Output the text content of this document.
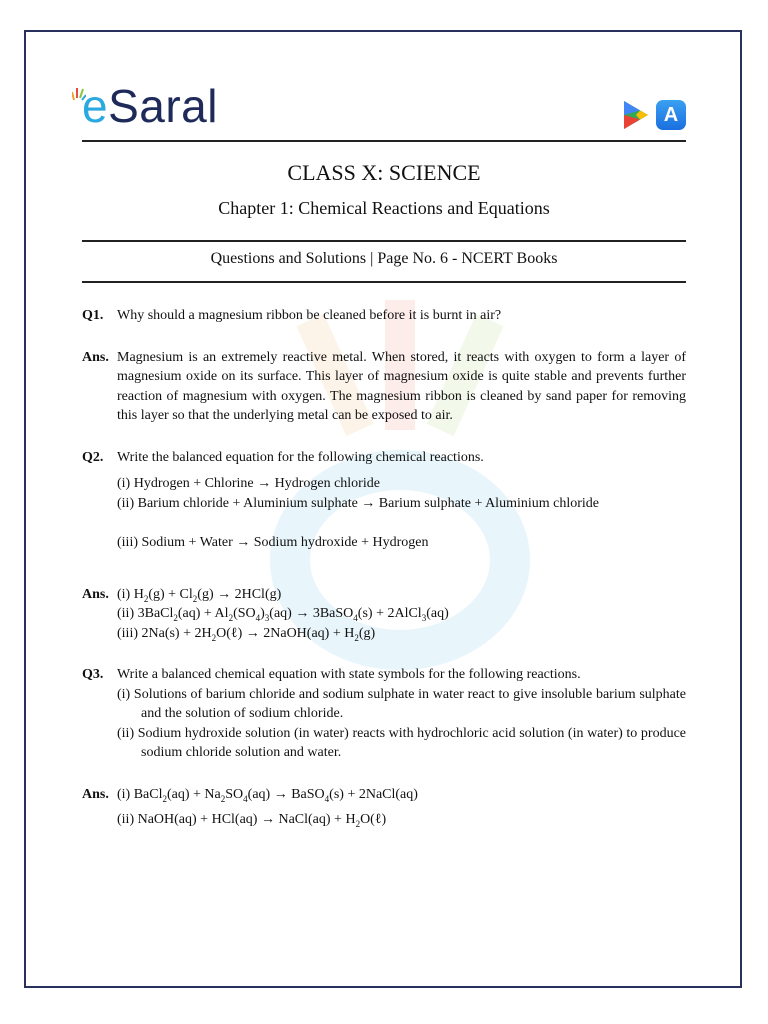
eSaral	A
CLASS X: SCIENCE
Chapter 1: Chemical Reactions and Equations
Questions and Solutions | Page No. 6 - NCERT Books
Q1. Why should a magnesium ribbon be cleaned before it is burnt in air?
Ans. Magnesium is an extremely reactive metal. When stored, it reacts with oxygen to form a layer of magnesium oxide on its surface. This layer of magnesium oxide is quite stable and prevents further reaction of magnesium with oxygen. The magnesium ribbon is cleaned by sand paper for removing this layer so that the underlying metal can be exposed to air.
Q2. Write the balanced equation for the following chemical reactions.
(i) Hydrogen + Chlorine → Hydrogen chloride
(ii) Barium chloride + Aluminium sulphate → Barium sulphate + Aluminium chloride
(iii) Sodium + Water → Sodium hydroxide + Hydrogen
Ans. (i) $H_2(g) + Cl_2(g) \to 2HCl(g)$
(ii) 3BaCl$_2$(aq) + $Al_2(SO_4)_3(aq)$ → 3BaSO$_4$(s) + 2AlCl$_3$(aq)
(iii) $2Na(s) + 2H_2O(\ell)$ → 2NaOH(aq) + $H_2(g)$
Q3. Write a balanced chemical equation with state symbols for the following reactions.
(i) Solutions of barium chloride and sodium sulphate in water react to give insoluble barium sulphate and the solution of sodium chloride.
(ii) Sodium hydroxide solution (in water) reacts with hydrochloric acid solution (in water) to produce sodium chloride solution and water.
Ans. (i) BaCl$_2$(aq) + $Na_2SO_4(aq)$ → BaSO$_4$(s) + 2NaCl(aq)
(ii) NaOH(aq) + HCl(aq) → NaCl(aq) + $H_2O(\ell)$
